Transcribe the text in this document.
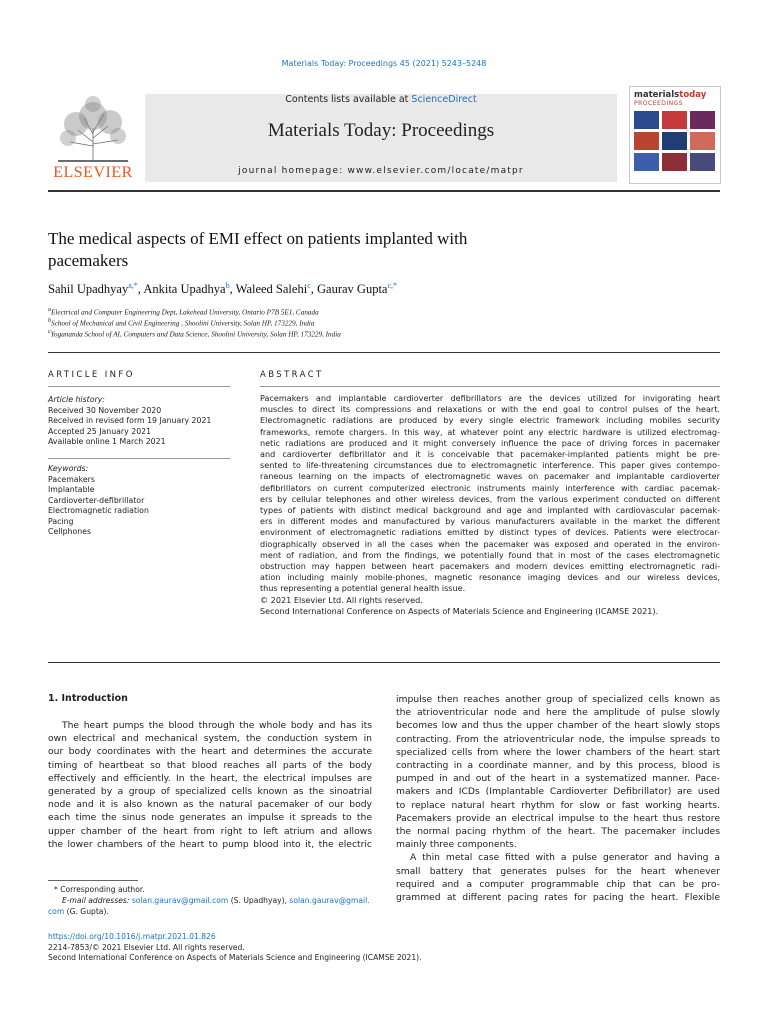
Materials Today: Proceedings 45 (2021) 5243–5248
ELSEVIER
Contents lists available at ScienceDirect
Materials Today: Proceedings
journal homepage: www.elsevier.com/locate/matpr
materialstoday
PROCEEDINGS
The medical aspects of EMI effect on patients implanted with
pacemakers
Sahil Upadhyay$^{a,*}$, Ankita Upadhya$^b$, Waleed Salehi$^c$, Gaurav Gupta$^{c,*}$
$^a$Electrical and Computer Engineering Dept, Lakehead University, Ontario P7B 5E1, Canada
$^b$School of Mechanical and Civil Engineering , Shoolini University, Solan HP, 173229, India
$^c$Yogananda School of AI, Computers and Data Science, Shoolini University, Solan HP, 173229, India
ARTICLE INFO
Article history:
Received 30 November 2020
Received in revised form 19 January 2021
Accepted 25 January 2021
Available online 1 March 2021
Keywords:
Pacemakers
Implantable
Cardioverter-defibrillator
Electromagnetic radiation
Pacing
Cellphones
ABSTRACT
Pacemakers and implantable cardioverter defibrillators are the devices utilized for invigorating heart
muscles to direct its compressions and relaxations or with the end goal to control pulses of the heart.
Electromagnetic radiations are produced by every single electric framework including mobiles security
frameworks, remote chargers. In this way, at whatever point any electric hardware is utilized electromag-
netic radiations are produced and it might conversely influence the pace of driving forces in pacemaker
and cardioverter defibrillator and it is conceivable that pacemaker-implanted patients might be pre-
sented to life-threatening circumstances due to electromagnetic interference. This paper gives contempo-
raneous learning on the impacts of electromagnetic waves on pacemaker and implantable cardioverter
defibrillators on current computerized electronic instruments mainly interference with cardiac pacemak-
ers by cellular telephones and other wireless devices, from the various experiment conducted on different
types of patients with distinct medical background and age and implanted with cardiovascular pacemak-
ers in different modes and manufactured by various manufacturers available in the market the different
environment of electromagnetic radiations emitted by distinct types of devices. Patients were electrocar-
diographically observed in all the cases when the pacemaker was exposed and operated in the environ-
ment of radiation, and from the findings, we potentially found that in most of the cases electromagnetic
obstruction may happen between heart pacemakers and modern devices emitting electromagnetic radi-
ation including mainly mobile-phones, magnetic resonance imaging devices and our wireless devices,
thus representing a potential general health issue.
© 2021 Elsevier Ltd. All rights reserved.
Second International Conference on Aspects of Materials Science and Engineering (ICAMSE 2021).
1. Introduction
The heart pumps the blood through the whole body and has its
own electrical and mechanical system, the conduction system in
our body coordinates with the heart and determines the accurate
timing of heartbeat so that blood reaches all parts of the body
effectively and efficiently. In the heart, the electrical impulses are
generated by a group of specialized cells known as the sinoatrial
node and it is also known as the natural pacemaker of our body
each time the sinus node generates an impulse it spreads to the
upper chamber of the heart from right to left atrium and allows
the lower chambers of the heart to pump blood into it, the electric
impulse then reaches another group of specialized cells known as
the atrioventricular node and here the amplitude of pulse slowly
becomes low and thus the upper chamber of the heart slowly stops
contracting. From the atrioventricular node, the impulse spreads to
specialized cells from where the lower chambers of the heart start
contracting in a coordinate manner, and by this process, blood is
pumped in and out of the heart in a systematized manner. Pace-
makers and ICDs (Implantable Cardioverter Defibrillator) are used
to replace natural heart rhythm for slow or fast working hearts.
Pacemakers provide an electrical impulse to the heart thus restore
the normal pacing rhythm of the heart. The pacemaker includes
mainly three components.
A thin metal case fitted with a pulse generator and having a
small battery that generates pulses for the heart whenever
required and a computer programmable chip that can be pro-
grammed at different pacing rates for pacing the heart. Flexible
* Corresponding author.
E-mail addresses: solan.gaurav@gmail.com (S. Upadhyay), solan.gaurav@gmail.
com (G. Gupta).
https://doi.org/10.1016/j.matpr.2021.01.826
2214-7853/© 2021 Elsevier Ltd. All rights reserved.
Second International Conference on Aspects of Materials Science and Engineering (ICAMSE 2021).
